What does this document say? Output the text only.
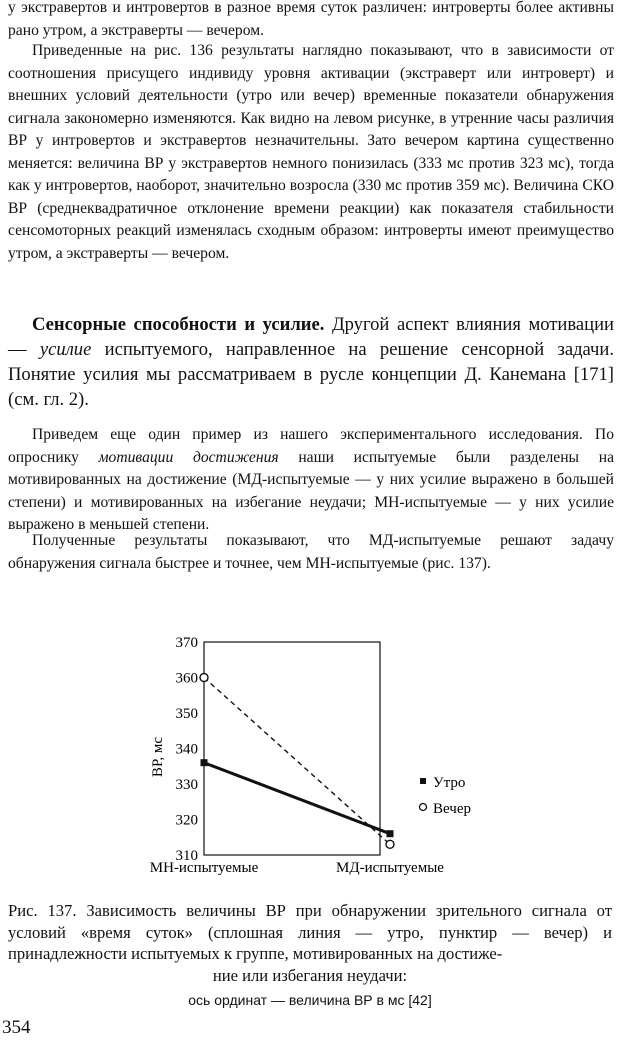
у экстравертов и интровертов в разное время суток различен: интроверты более активны рано утром, а экстраверты — вечером.

Приведенные на рис. 136 результаты наглядно показывают, что в зависимости от соотношения присущего индивиду уровня активации (экстраверт или интроверт) и внешних условий деятельности (утро или вечер) временные показатели обнаружения сигнала закономерно изменяются. Как видно на левом рисунке, в утренние часы различия ВР у интровертов и экстравертов незначительны. Зато вечером картина существенно меняется: величина ВР у экстравертов немного понизилась (333 мс против 323 мс), тогда как у интровертов, наоборот, значительно возросла (330 мс против 359 мс). Величина СКО ВР (среднеквадратичное отклонение времени реакции) как показателя стабильности сенсомоторных реакций изменялась сходным образом: интроверты имеют преимущество утром, а экстраверты — вечером.

Сенсорные способности и усилие. Другой аспект влияния мотивации — усилие испытуемого, направленное на решение сенсорной задачи. Понятие усилия мы рассматриваем в русле концепции Д. Канемана [171] (см. гл. 2).

Приведем еще один пример из нашего экспериментального исследования. По опроснику мотивации достижения наши испытуемые были разделены на мотивированных на достижение (МД-испытуемые — у них усилие выражено в большей степени) и мотивированных на избегание неудачи; МН-испытуемые — у них усилие выражено в меньшей степени.

Полученные результаты показывают, что МД-испытуемые решают задачу обнаружения сигнала быстрее и точнее, чем МН-испытуемые (рис. 137).

310
320
330
340
350
360
370
МН-испытуемые	МД-испытуемые
ВР, мс
Утро
Вечер

Рис. 137. Зависимость величины ВР при обнаружении зрительного сигнала от условий «время суток» (сплошная линия — утро, пунктир — вечер) и принадлежности испытуемых к группе, мотивированных на достиже-
ние или избегания неудачи:

ось ординат — величина ВР в мс [42]
354
